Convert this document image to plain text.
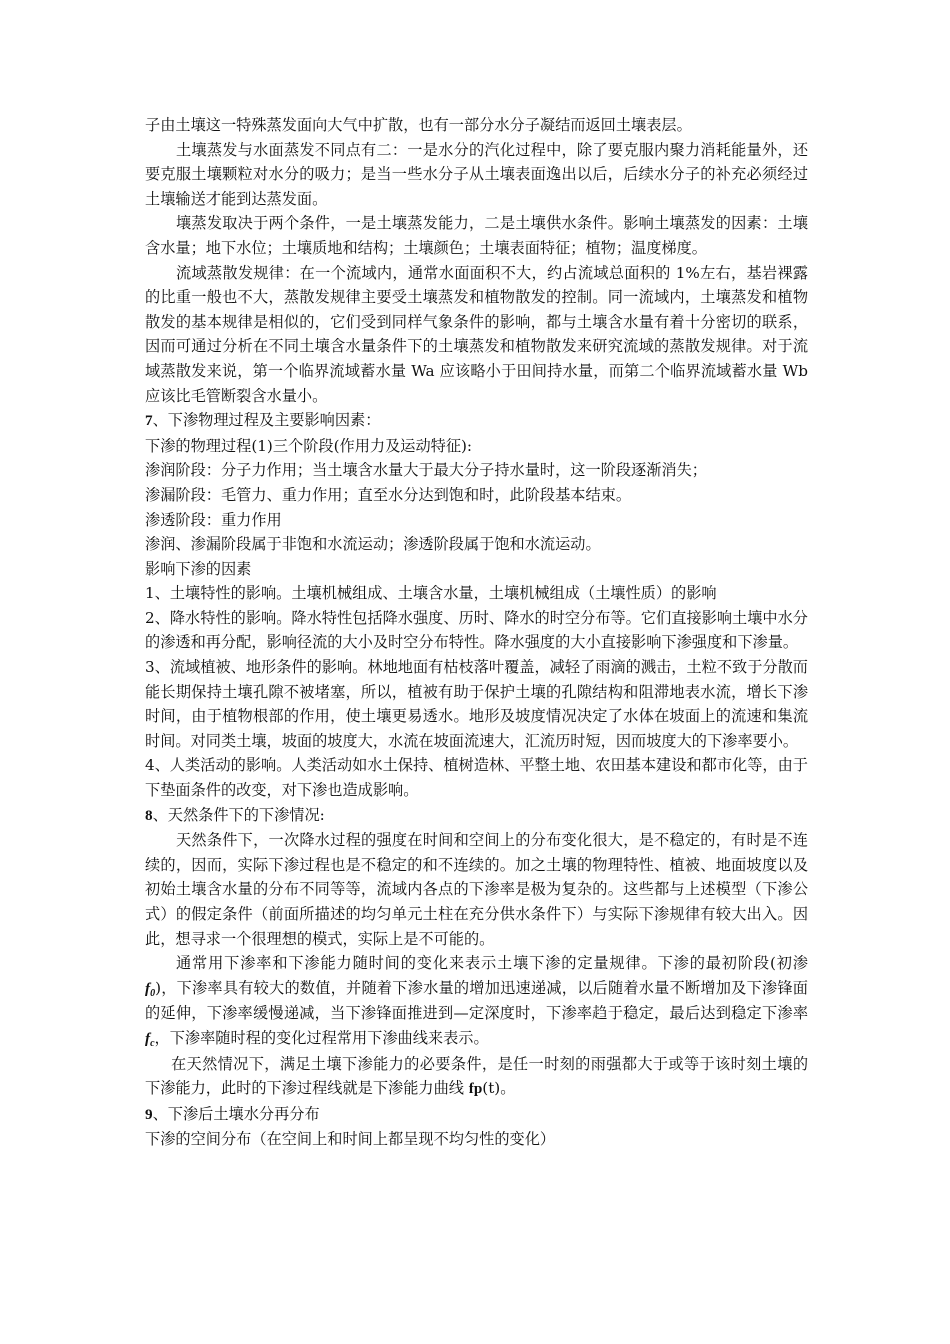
子由土壤这一特殊蒸发面向大气中扩散，也有一部分水分子凝结而返回土壤表层。

土壤蒸发与水面蒸发不同点有二：一是水分的汽化过程中，除了要克服内聚力消耗能量外，还要克服土壤颗粒对水分的吸力；是当一些水分子从土壤表面逸出以后，后续水分子的补充必须经过土壤输送才能到达蒸发面。

壤蒸发取决于两个条件，一是土壤蒸发能力，二是土壤供水条件。影响土壤蒸发的因素：土壤含水量；地下水位；土壤质地和结构；土壤颜色；土壤表面特征；植物；温度梯度。

流域蒸散发规律：在一个流域内，通常水面面积不大，约占流域总面积的 1%左右，基岩裸露的比重一般也不大，蒸散发规律主要受土壤蒸发和植物散发的控制。同一流域内，土壤蒸发和植物散发的基本规律是相似的，它们受到同样气象条件的影响，都与土壤含水量有着十分密切的联系，因而可通过分析在不同土壤含水量条件下的土壤蒸发和植物散发来研究流域的蒸散发规律。对于流域蒸散发来说，第一个临界流域蓄水量 Wa 应该略小于田间持水量，而第二个临界流域蓄水量 Wb 应该比毛管断裂含水量小。

7、下渗物理过程及主要影响因素：

下渗的物理过程(1)三个阶段(作用力及运动特征):

渗润阶段：分子力作用；当土壤含水量大于最大分子持水量时，这一阶段逐渐消失；

渗漏阶段：毛管力、重力作用；直至水分达到饱和时，此阶段基本结束。

渗透阶段：重力作用

渗润、渗漏阶段属于非饱和水流运动；渗透阶段属于饱和水流运动。

影响下渗的因素

1、土壤特性的影响。土壤机械组成、土壤含水量，土壤机械组成（土壤性质）的影响

2、降水特性的影响。降水特性包括降水强度、历时、降水的时空分布等。它们直接影响土壤中水分的渗透和再分配，影响径流的大小及时空分布特性。降水强度的大小直接影响下渗强度和下渗量。

3、流域植被、地形条件的影响。林地地面有枯枝落叶覆盖，减轻了雨滴的溅击，土粒不致于分散而能长期保持土壤孔隙不被堵塞，所以，植被有助于保护土壤的孔隙结构和阻滞地表水流，增长下渗时间，由于植物根部的作用，使土壤更易透水。地形及坡度情况决定了水体在坡面上的流速和集流时间。对同类土壤，坡面的坡度大，水流在坡面流速大，汇流历时短，因而坡度大的下渗率要小。

4、人类活动的影响。人类活动如水土保持、植树造林、平整土地、农田基本建设和都市化等，由于下垫面条件的改变，对下渗也造成影响。

8、天然条件下的下渗情况:

天然条件下，一次降水过程的强度在时间和空间上的分布变化很大，是不稳定的，有时是不连续的，因而，实际下渗过程也是不稳定的和不连续的。加之土壤的物理特性、植被、地面坡度以及初始土壤含水量的分布不同等等，流域内各点的下渗率是极为复杂的。这些都与上述模型（下渗公式）的假定条件（前面所描述的均匀单元土柱在充分供水条件下）与实际下渗规律有较大出入。因此，想寻求一个很理想的模式，实际上是不可能的。

通常用下渗率和下渗能力随时间的变化来表示土壤下渗的定量规律。下渗的最初阶段(初渗 $f_0$)，下渗率具有较大的数值，并随着下渗水量的增加迅速递减，以后随着水量不断增加及下渗锋面的延伸，下渗率缓慢递减，当下渗锋面推进到—定深度时，下渗率趋于稳定，最后达到稳定下渗率 $f_c$，下渗率随时程的变化过程常用下渗曲线来表示。

在天然情况下，满足土壤下渗能力的必要条件，是任一时刻的雨强都大于或等于该时刻土壤的下渗能力，此时的下渗过程线就是下渗能力曲线 fp(t)。

9、下渗后土壤水分再分布

下渗的空间分布（在空间上和时间上都呈现不均匀性的变化）
